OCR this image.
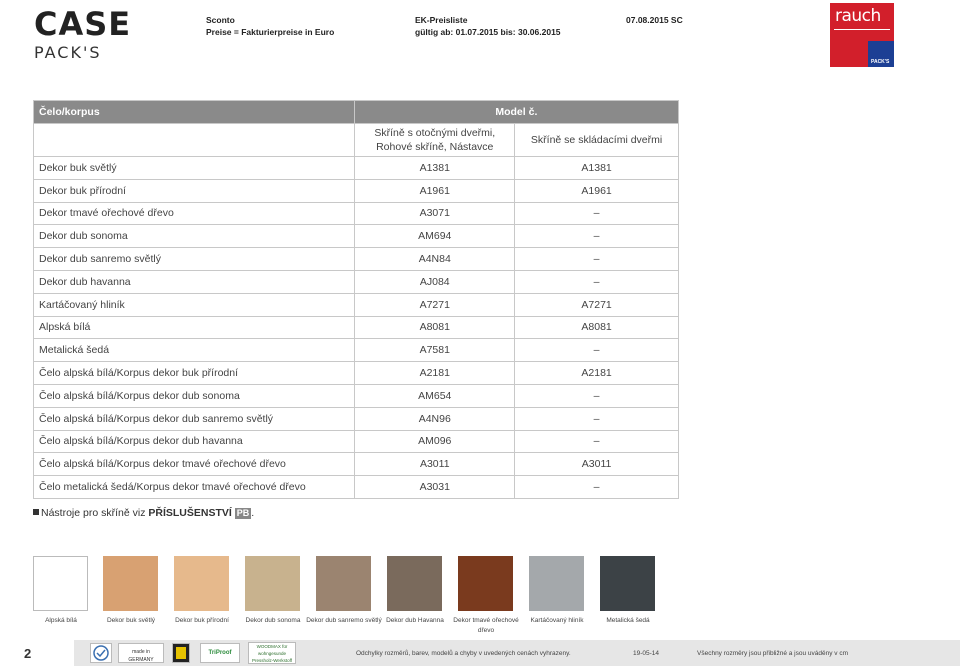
CASE
PACK'S
Sconto
Preise = Fakturierpreise in Euro
EK-Preisliste
gültig ab: 01.07.2015 bis: 30.06.2015
07.08.2015 SC	rauch
PACK'S
Čelo/korpus	Model č.	
	Skříně s otočnými dveřmi, Rohové skříně, Nástavce	Skříně se skládacími dveřmi
Dekor buk světlý	A1381	A1381
Dekor buk přírodní	A1961	A1961
Dekor tmavé ořechové dřevo	A3071	–
Dekor dub sonoma	AM694	–
Dekor dub sanremo světlý	A4N84	–
Dekor dub havanna	AJ084	–
Kartáčovaný hliník	A7271	A7271
Alpská bílá	A8081	A8081
Metalická šedá	A7581	–
Čelo alpská bílá/Korpus dekor buk přírodní	A2181	A2181
Čelo alpská bílá/Korpus dekor dub sonoma	AM654	–
Čelo alpská bílá/Korpus dekor dub sanremo světlý	A4N96	–
Čelo alpská bílá/Korpus dekor dub havanna	AM096	–
Čelo alpská bílá/Korpus dekor tmavé ořechové dřevo	A3011	A3011
Čelo metalická šedá/Korpus dekor tmavé ořechové dřevo	A3031	–
Nástroje pro skříně viz PŘÍSLUŠENSTVÍ PB .
Alpská bílá	Dekor buk světlý	Dekor buk přírodní	Dekor dub sonoma Dekor dub sanremo světlý Dekor dub Havanna	Dekor tmavé ořechové dřevo
Kartáčovaný hliník	Metalická šedá
2	made in GERMANY
TriProof
WOODMAX für wohngesunde Pressholz-Werkstoff
Odchylky rozměrů, barev, modelů a chyby v uvedených cenách vyhrazeny.	19-05-14	Všechny rozměry jsou přibližné a jsou uváděny v cm
